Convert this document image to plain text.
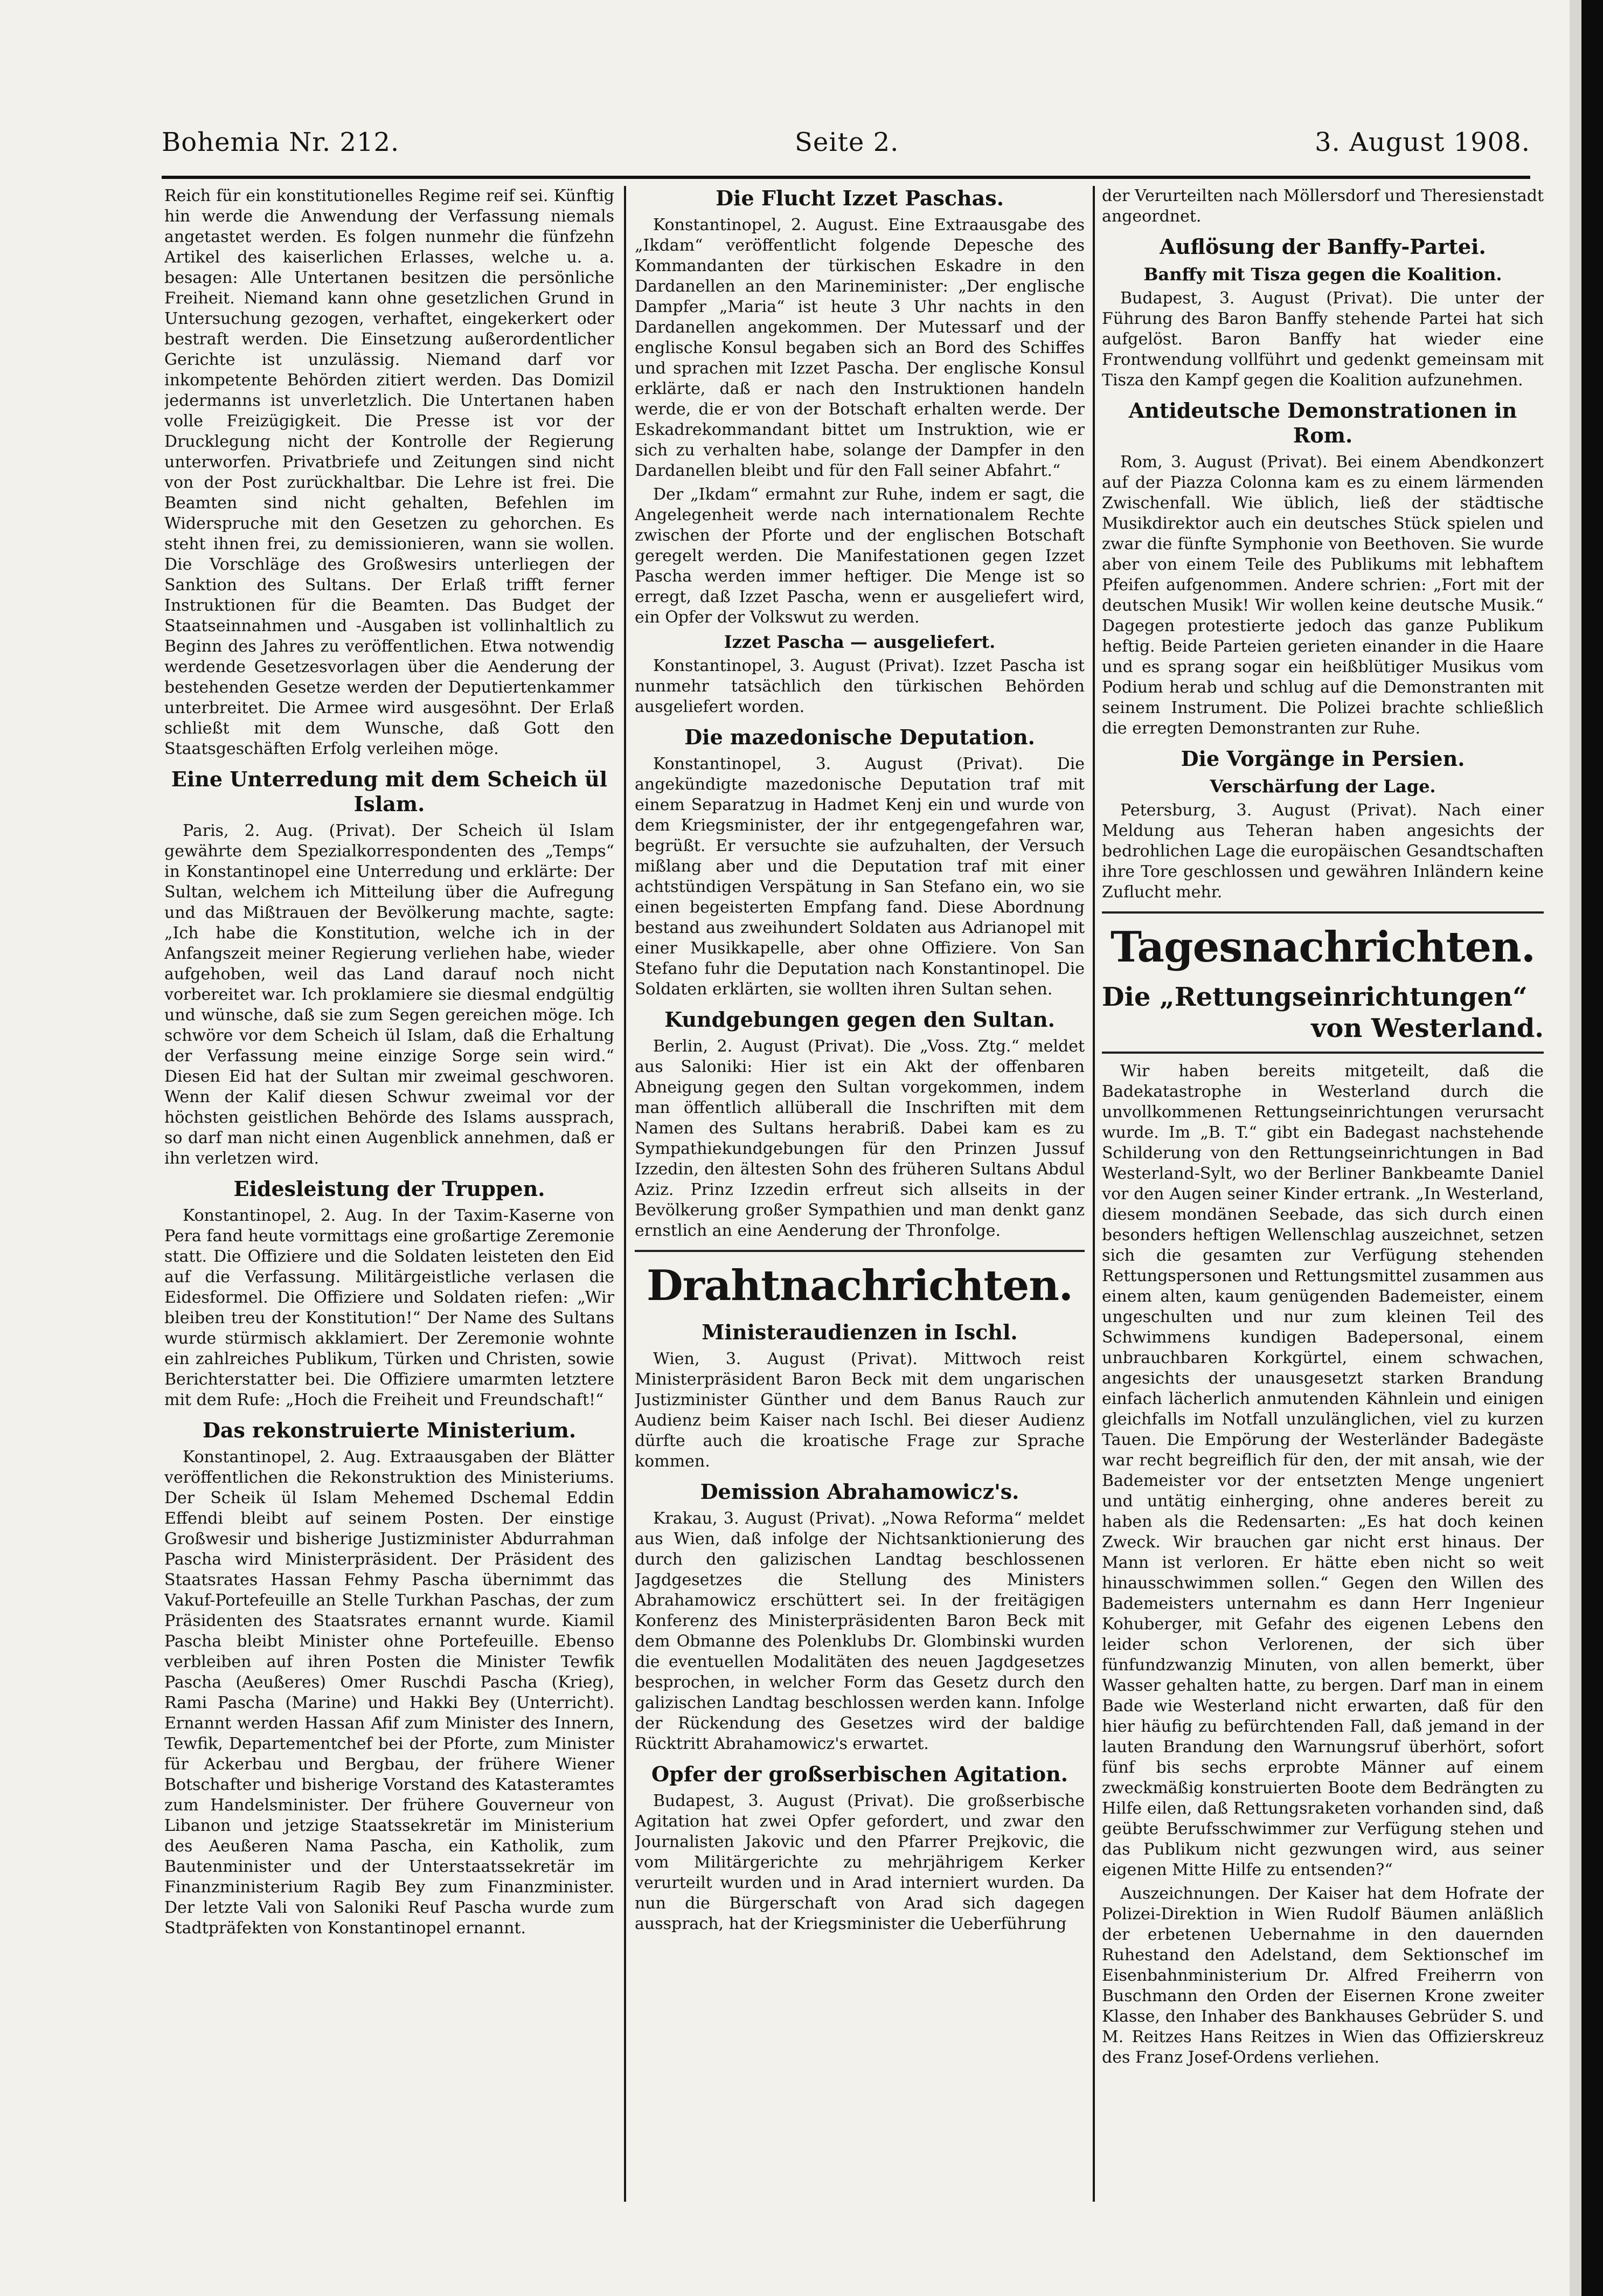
Bohemia Nr. 212.	Seite 2.	3. August 1908.

Reich für ein konstitutionelles Regime reif sei. Künftig hin werde die Anwendung der Verfassung niemals angetastet werden. Es folgen nunmehr die fünfzehn Artikel des kaiserlichen Erlasses, welche u. a. besagen: Alle Untertanen besitzen die persönliche Freiheit. Niemand kann ohne gesetzlichen Grund in Untersuchung gezogen, verhaftet, eingekerkert oder bestraft werden. Die Einsetzung außerordentlicher Gerichte ist unzulässig. Niemand darf vor inkompetente Behörden zitiert werden. Das Domizil jedermanns ist unverletzlich. Die Untertanen haben volle Freizügigkeit. Die Presse ist vor der Drucklegung nicht der Kontrolle der Regierung unterworfen. Privatbriefe und Zeitungen sind nicht von der Post zurückhaltbar. Die Lehre ist frei. Die Beamten sind nicht gehalten, Befehlen im Widerspruche mit den Gesetzen zu gehorchen. Es steht ihnen frei, zu demissionieren, wann sie wollen. Die Vorschläge des Großwesirs unterliegen der Sanktion des Sultans. Der Erlaß trifft ferner Instruktionen für die Beamten. Das Budget der Staatseinnahmen und -Ausgaben ist vollinhaltlich zu Beginn des Jahres zu veröffentlichen. Etwa notwendig werdende Gesetzesvorlagen über die Aenderung der bestehenden Gesetze werden der Deputiertenkammer unterbreitet. Die Armee wird ausgesöhnt. Der Erlaß schließt mit dem Wunsche, daß Gott den Staatsgeschäften Erfolg verleihen möge.

Eine Unterredung mit dem Scheich ül Islam.

Paris, 2. Aug. (Privat). Der Scheich ül Islam gewährte dem Spezialkorrespondenten des „Temps“ in Konstantinopel eine Unterredung und erklärte: Der Sultan, welchem ich Mitteilung über die Aufregung und das Mißtrauen der Bevölkerung machte, sagte: „Ich habe die Konstitution, welche ich in der Anfangszeit meiner Regierung verliehen habe, wieder aufgehoben, weil das Land darauf noch nicht vorbereitet war. Ich proklamiere sie diesmal endgültig und wünsche, daß sie zum Segen gereichen möge. Ich schwöre vor dem Scheich ül Islam, daß die Erhaltung der Verfassung meine einzige Sorge sein wird.“ Diesen Eid hat der Sultan mir zweimal geschworen. Wenn der Kalif diesen Schwur zweimal vor der höchsten geistlichen Behörde des Islams aussprach, so darf man nicht einen Augenblick annehmen, daß er ihn verletzen wird.

Eidesleistung der Truppen.

Konstantinopel, 2. Aug. In der Taxim-Kaserne von Pera fand heute vormittags eine großartige Zeremonie statt. Die Offiziere und die Soldaten leisteten den Eid auf die Verfassung. Militärgeistliche verlasen die Eidesformel. Die Offiziere und Soldaten riefen: „Wir bleiben treu der Konstitution!“ Der Name des Sultans wurde stürmisch akklamiert. Der Zeremonie wohnte ein zahlreiches Publikum, Türken und Christen, sowie Berichterstatter bei. Die Offiziere umarmten letztere mit dem Rufe: „Hoch die Freiheit und Freundschaft!“

Das rekonstruierte Ministerium.

Konstantinopel, 2. Aug. Extraausgaben der Blätter veröffentlichen die Rekonstruktion des Ministeriums. Der Scheik ül Islam Mehemed Dschemal Eddin Effendi bleibt auf seinem Posten. Der einstige Großwesir und bisherige Justizminister Abdurrahman Pascha wird Ministerpräsident. Der Präsident des Staatsrates Hassan Fehmy Pascha übernimmt das Vakuf-Portefeuille an Stelle Turkhan Paschas, der zum Präsidenten des Staatsrates ernannt wurde. Kiamil Pascha bleibt Minister ohne Portefeuille. Ebenso verbleiben auf ihren Posten die Minister Tewfik Pascha (Aeußeres) Omer Ruschdi Pascha (Krieg), Rami Pascha (Marine) und Hakki Bey (Unterricht). Ernannt werden Hassan Afif zum Minister des Innern, Tewfik, Departementchef bei der Pforte, zum Minister für Ackerbau und Bergbau, der frühere Wiener Botschafter und bisherige Vorstand des Katasteramtes zum Handelsminister. Der frühere Gouverneur von Libanon und jetzige Staatssekretär im Ministerium des Aeußeren Nama Pascha, ein Katholik, zum Bautenminister und der Unterstaatssekretär im Finanzministerium Ragib Bey zum Finanzminister. Der letzte Vali von Saloniki Reuf Pascha wurde zum Stadtpräfekten von Konstantinopel ernannt.

Die Flucht Izzet Paschas.

Konstantinopel, 2. August. Eine Extraausgabe des „Ikdam“ veröffentlicht folgende Depesche des Kommandanten der türkischen Eskadre in den Dardanellen an den Marineminister: „Der englische Dampfer „Maria“ ist heute 3 Uhr nachts in den Dardanellen angekommen. Der Mutessarf und der englische Konsul begaben sich an Bord des Schiffes und sprachen mit Izzet Pascha. Der englische Konsul erklärte, daß er nach den Instruktionen handeln werde, die er von der Botschaft erhalten werde. Der Eskadrekommandant bittet um Instruktion, wie er sich zu verhalten habe, solange der Dampfer in den Dardanellen bleibt und für den Fall seiner Abfahrt.“

Der „Ikdam“ ermahnt zur Ruhe, indem er sagt, die Angelegenheit werde nach internationalem Rechte zwischen der Pforte und der englischen Botschaft geregelt werden. Die Manifestationen gegen Izzet Pascha werden immer heftiger. Die Menge ist so erregt, daß Izzet Pascha, wenn er ausgeliefert wird, ein Opfer der Volkswut zu werden.

Izzet Pascha — ausgeliefert.

Konstantinopel, 3. August (Privat). Izzet Pascha ist nunmehr tatsächlich den türkischen Behörden ausgeliefert worden.

Die mazedonische Deputation.

Konstantinopel, 3. August (Privat). Die angekündigte mazedonische Deputation traf mit einem Separatzug in Hadmet Kenj ein und wurde von dem Kriegsminister, der ihr entgegengefahren war, begrüßt. Er versuchte sie aufzuhalten, der Versuch mißlang aber und die Deputation traf mit einer achtstündigen Verspätung in San Stefano ein, wo sie einen begeisterten Empfang fand. Diese Abordnung bestand aus zweihundert Soldaten aus Adrianopel mit einer Musikkapelle, aber ohne Offiziere. Von San Stefano fuhr die Deputation nach Konstantinopel. Die Soldaten erklärten, sie wollten ihren Sultan sehen.

Kundgebungen gegen den Sultan.

Berlin, 2. August (Privat). Die „Voss. Ztg.“ meldet aus Saloniki: Hier ist ein Akt der offenbaren Abneigung gegen den Sultan vorgekommen, indem man öffentlich allüberall die Inschriften mit dem Namen des Sultans herabriß. Dabei kam es zu Sympathiekundgebungen für den Prinzen Jussuf Izzedin, den ältesten Sohn des früheren Sultans Abdul Aziz. Prinz Izzedin erfreut sich allseits in der Bevölkerung großer Sympathien und man denkt ganz ernstlich an eine Aenderung der Thronfolge.

Drahtnachrichten.
Ministeraudienzen in Ischl.

Wien, 3. August (Privat). Mittwoch reist Ministerpräsident Baron Beck mit dem ungarischen Justizminister Günther und dem Banus Rauch zur Audienz beim Kaiser nach Ischl. Bei dieser Audienz dürfte auch die kroatische Frage zur Sprache kommen.

Demission Abrahamowicz's.

Krakau, 3. August (Privat). „Nowa Reforma“ meldet aus Wien, daß infolge der Nichtsanktionierung des durch den galizischen Landtag beschlossenen Jagdgesetzes die Stellung des Ministers Abrahamowicz erschüttert sei. In der freitägigen Konferenz des Ministerpräsidenten Baron Beck mit dem Obmanne des Polenklubs Dr. Glombinski wurden die eventuellen Modalitäten des neuen Jagdgesetzes besprochen, in welcher Form das Gesetz durch den galizischen Landtag beschlossen werden kann. Infolge der Rückendung des Gesetzes wird der baldige Rücktritt Abrahamowicz's erwartet.

Opfer der großserbischen Agitation.

Budapest, 3. August (Privat). Die großserbische Agitation hat zwei Opfer gefordert, und zwar den Journalisten Jakovic und den Pfarrer Prejkovic, die vom Militärgerichte zu mehrjährigem Kerker verurteilt wurden und in Arad interniert wurden. Da nun die Bürgerschaft von Arad sich dagegen aussprach, hat der Kriegsminister die Ueberführung

der Verurteilten nach Möllersdorf und Theresienstadt angeordnet.

Auflösung der Banffy-Partei.
Banffy mit Tisza gegen die Koalition.

Budapest, 3. August (Privat). Die unter der Führung des Baron Banffy stehende Partei hat sich aufgelöst. Baron Banffy hat wieder eine Frontwendung vollführt und gedenkt gemeinsam mit Tisza den Kampf gegen die Koalition aufzunehmen.

Antideutsche Demonstrationen in Rom.

Rom, 3. August (Privat). Bei einem Abendkonzert auf der Piazza Colonna kam es zu einem lärmenden Zwischenfall. Wie üblich, ließ der städtische Musikdirektor auch ein deutsches Stück spielen und zwar die fünfte Symphonie von Beethoven. Sie wurde aber von einem Teile des Publikums mit lebhaftem Pfeifen aufgenommen. Andere schrien: „Fort mit der deutschen Musik! Wir wollen keine deutsche Musik.“ Dagegen protestierte jedoch das ganze Publikum heftig. Beide Parteien gerieten einander in die Haare und es sprang sogar ein heißblütiger Musikus vom Podium herab und schlug auf die Demonstranten mit seinem Instrument. Die Polizei brachte schließlich die erregten Demonstranten zur Ruhe.

Die Vorgänge in Persien.
Verschärfung der Lage.

Petersburg, 3. August (Privat). Nach einer Meldung aus Teheran haben angesichts der bedrohlichen Lage die europäischen Gesandtschaften ihre Tore geschlossen und gewähren Inländern keine Zuflucht mehr.

Tagesnachrichten.
Die „Rettungseinrichtungen“
von Westerland.

Wir haben bereits mitgeteilt, daß die Badekatastrophe in Westerland durch die unvollkommenen Rettungseinrichtungen verursacht wurde. Im „B. T.“ gibt ein Badegast nachstehende Schilderung von den Rettungseinrichtungen in Bad Westerland-Sylt, wo der Berliner Bankbeamte Daniel vor den Augen seiner Kinder ertrank. „In Westerland, diesem mondänen Seebade, das sich durch einen besonders heftigen Wellenschlag auszeichnet, setzen sich die gesamten zur Verfügung stehenden Rettungspersonen und Rettungsmittel zusammen aus einem alten, kaum genügenden Bademeister, einem ungeschulten und nur zum kleinen Teil des Schwimmens kundigen Badepersonal, einem unbrauchbaren Korkgürtel, einem schwachen, angesichts der unausgesetzt starken Brandung einfach lächerlich anmutenden Kähnlein und einigen gleichfalls im Notfall unzulänglichen, viel zu kurzen Tauen. Die Empörung der Westerländer Badegäste war recht begreiflich für den, der mit ansah, wie der Bademeister vor der entsetzten Menge ungeniert und untätig einherging, ohne anderes bereit zu haben als die Redensarten: „Es hat doch keinen Zweck. Wir brauchen gar nicht erst hinaus. Der Mann ist verloren. Er hätte eben nicht so weit hinausschwimmen sollen.“ Gegen den Willen des Bademeisters unternahm es dann Herr Ingenieur Kohuberger, mit Gefahr des eigenen Lebens den leider schon Verlorenen, der sich über fünfundzwanzig Minuten, von allen bemerkt, über Wasser gehalten hatte, zu bergen. Darf man in einem Bade wie Westerland nicht erwarten, daß für den hier häufig zu befürchtenden Fall, daß jemand in der lauten Brandung den Warnungsruf überhört, sofort fünf bis sechs erprobte Männer auf einem zweckmäßig konstruierten Boote dem Bedrängten zu Hilfe eilen, daß Rettungsraketen vorhanden sind, daß geübte Berufsschwimmer zur Verfügung stehen und das Publikum nicht gezwungen wird, aus seiner eigenen Mitte Hilfe zu entsenden?“

Auszeichnungen. Der Kaiser hat dem Hofrate der Polizei-Direktion in Wien Rudolf Bäumen anläßlich der erbetenen Uebernahme in den dauernden Ruhestand den Adelstand, dem Sektionschef im Eisenbahnministerium Dr. Alfred Freiherrn von Buschmann den Orden der Eisernen Krone zweiter Klasse, den Inhaber des Bankhauses Gebrüder S. und M. Reitzes Hans Reitzes in Wien das Offizierskreuz des Franz Josef-Ordens verliehen.
